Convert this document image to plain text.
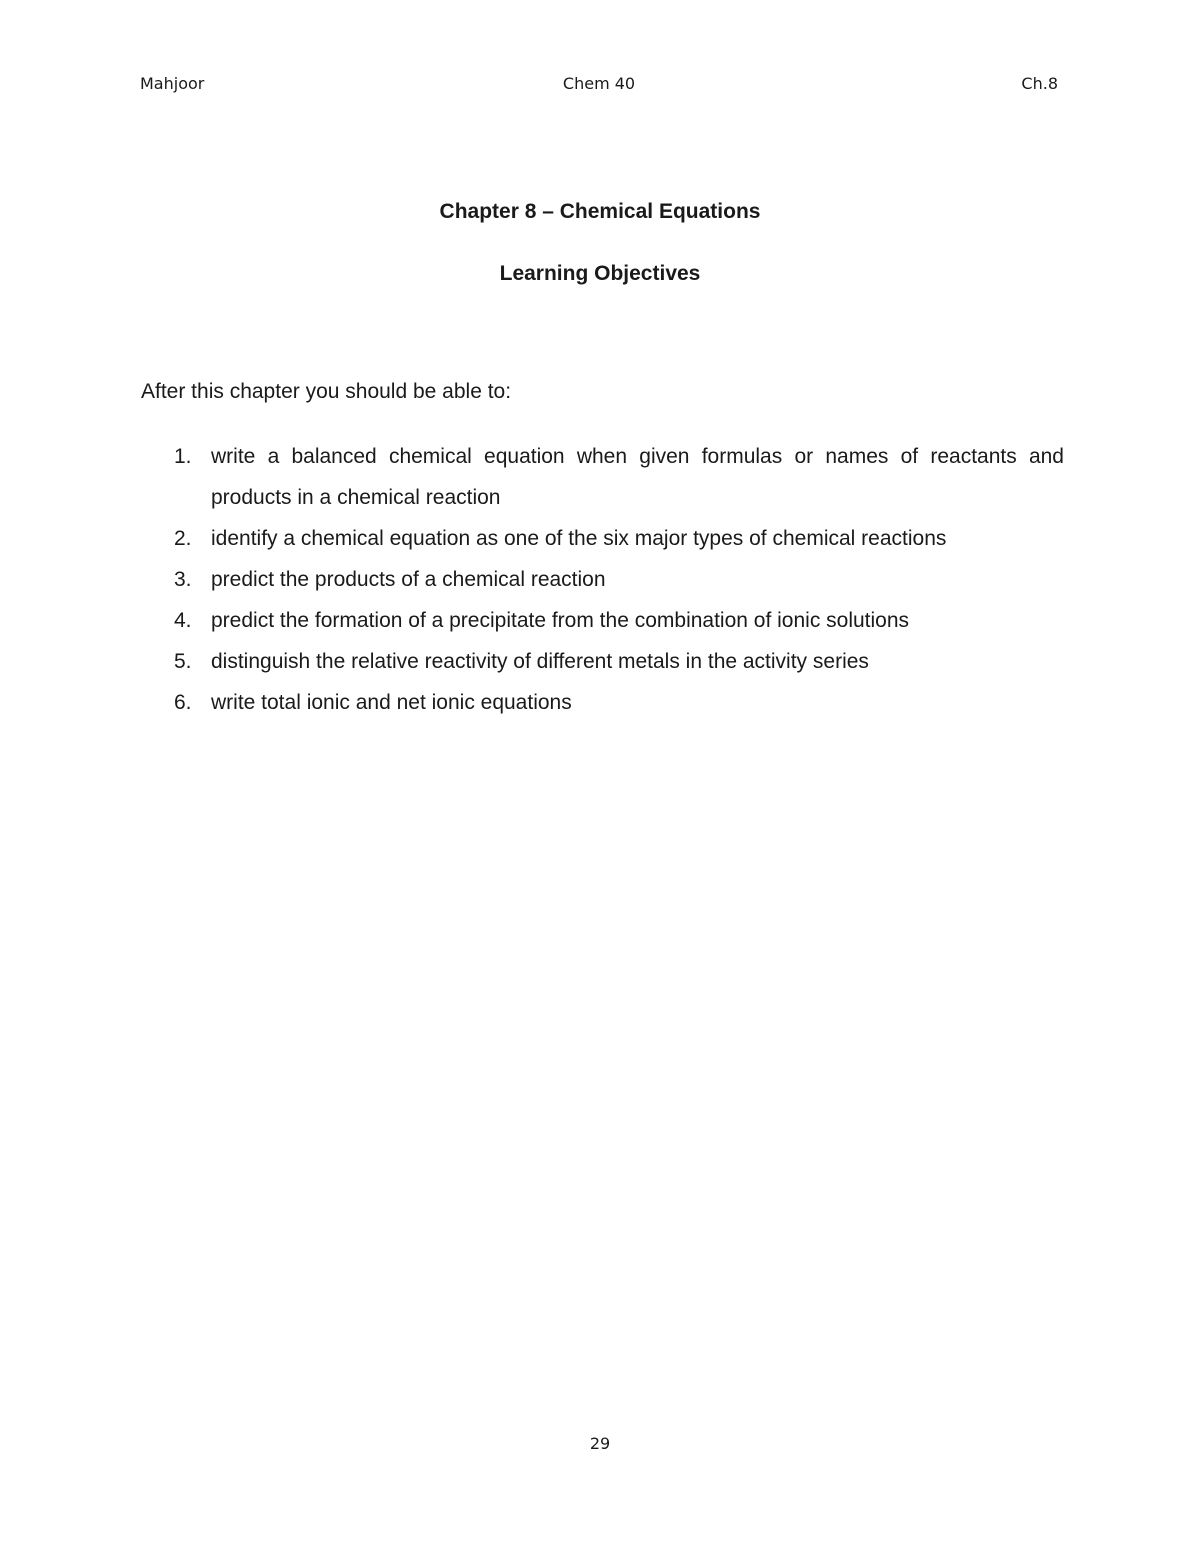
Mahjoor	Chem 40	Ch.8
Chapter 8 – Chemical Equations
Learning Objectives
After this chapter you should be able to:
1. write a balanced chemical equation when given formulas or names of reactants and products in a chemical reaction
2. identify a chemical equation as one of the six major types of chemical reactions
3. predict the products of a chemical reaction
4. predict the formation of a precipitate from the combination of ionic solutions
5. distinguish the relative reactivity of different metals in the activity series
6. write total ionic and net ionic equations
29
